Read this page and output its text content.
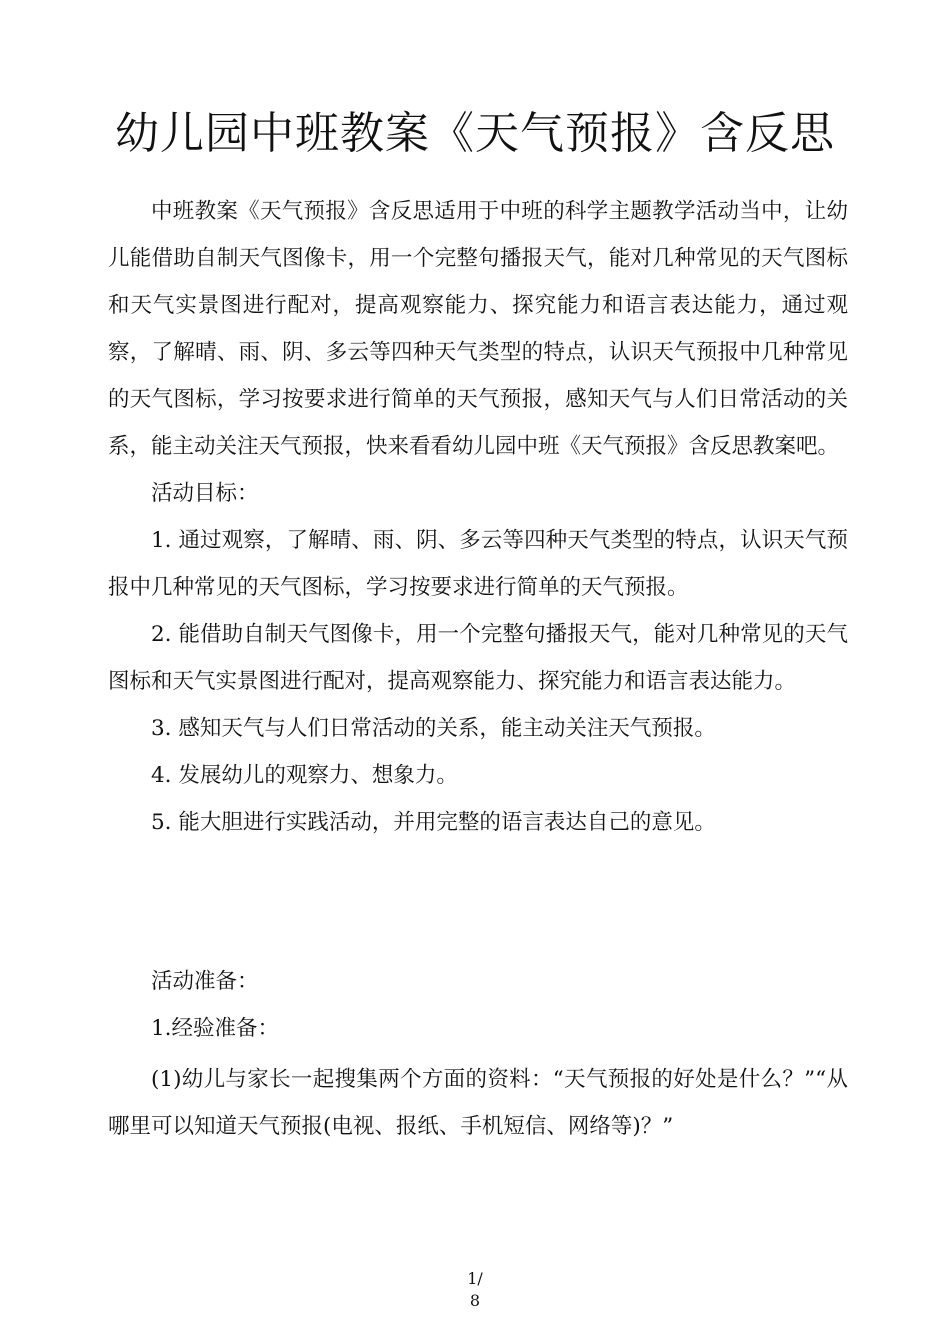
幼儿园中班教案《天气预报》含反思

中班教案《天气预报》含反思适用于中班的科学主题教学活动当中，让幼儿能借助自制天气图像卡，用一个完整句播报天气，能对几种常见的天气图标和天气实景图进行配对，提高观察能力、探究能力和语言表达能力，通过观察，了解晴、雨、阴、多云等四种天气类型的特点，认识天气预报中几种常见的天气图标，学习按要求进行简单的天气预报，感知天气与人们日常活动的关系，能主动关注天气预报，快来看看幼儿园中班《天气预报》含反思教案吧。

活动目标：

1. 通过观察，了解晴、雨、阴、多云等四种天气类型的特点，认识天气预报中几种常见的天气图标，学习按要求进行简单的天气预报。

2. 能借助自制天气图像卡，用一个完整句播报天气，能对几种常见的天气图标和天气实景图进行配对，提高观察能力、探究能力和语言表达能力。

3. 感知天气与人们日常活动的关系，能主动关注天气预报。

4. 发展幼儿的观察力、想象力。

5. 能大胆进行实践活动，并用完整的语言表达自己的意见。

活动准备：

1.经验准备：

(1)幼儿与家长一起搜集两个方面的资料：“天气预报的好处是什么？”“从哪里可以知道天气预报(电视、报纸、手机短信、网络等)？”

1/
8
